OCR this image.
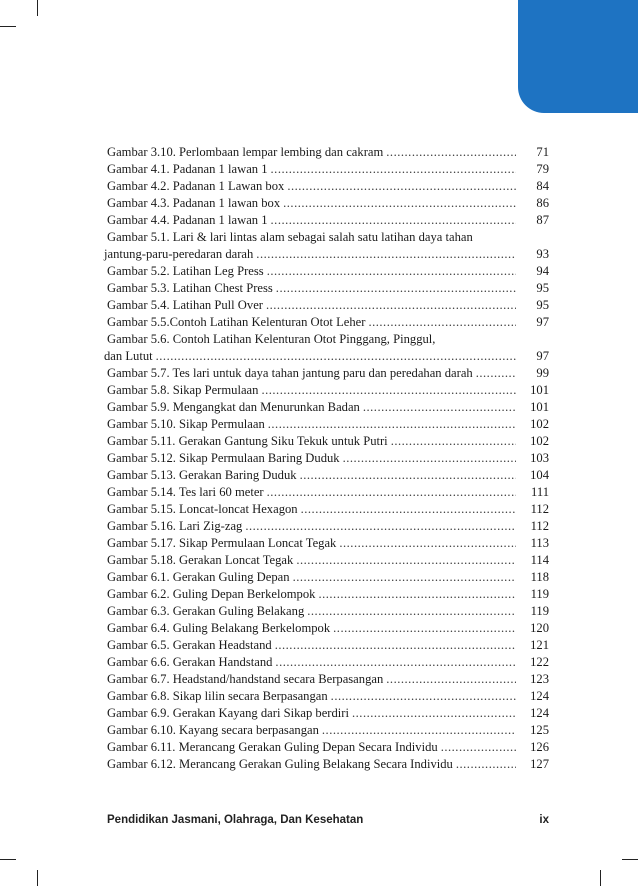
Gambar 3.10. Perlombaan lempar lembing dan cakram .....	71
Gambar 4.1. Padanan 1 lawan 1 .....	79
Gambar 4.2. Padanan 1 Lawan box .....	84
Gambar 4.3. Padanan 1 lawan box .....	86
Gambar 4.4. Padanan 1 lawan 1 .....	87
Gambar 5.1. Lari & lari lintas alam sebagai salah satu latihan daya tahan
jantung-paru-peredaran darah .....	93
Gambar 5.2. Latihan Leg Press .....	94
Gambar 5.3. Latihan Chest Press .....	95
Gambar 5.4. Latihan Pull Over .....	95
Gambar 5.5.Contoh Latihan Kelenturan Otot Leher .....	97
Gambar 5.6. Contoh Latihan Kelenturan Otot Pinggang, Pinggul,
dan Lutut .....	97
Gambar 5.7. Tes lari untuk daya tahan jantung paru dan peredahan darah .....	99
Gambar 5.8. Sikap Permulaan .....	101
Gambar 5.9. Mengangkat dan Menurunkan Badan .....	101
Gambar 5.10. Sikap Permulaan .....	102
Gambar 5.11. Gerakan Gantung Siku Tekuk untuk Putri .....	102
Gambar 5.12. Sikap Permulaan Baring Duduk .....	103
Gambar 5.13. Gerakan Baring Duduk .....	104
Gambar 5.14. Tes lari 60 meter .....	111
Gambar 5.15. Loncat-loncat Hexagon .....	112
Gambar 5.16. Lari Zig-zag .....	112
Gambar 5.17. Sikap Permulaan Loncat Tegak .....	113
Gambar 5.18. Gerakan Loncat Tegak .....	114
Gambar 6.1. Gerakan Guling Depan .....	118
Gambar 6.2. Guling Depan Berkelompok .....	119
Gambar 6.3. Gerakan Guling Belakang .....	119
Gambar 6.4. Guling Belakang Berkelompok .....	120
Gambar 6.5. Gerakan Headstand .....	121
Gambar 6.6. Gerakan Handstand .....	122
Gambar 6.7. Headstand/handstand secara Berpasangan .....	123
Gambar 6.8. Sikap lilin secara Berpasangan .....	124
Gambar 6.9. Gerakan Kayang dari Sikap berdiri .....	124
Gambar 6.10. Kayang secara berpasangan .....	125
Gambar 6.11. Merancang Gerakan Guling Depan Secara Individu .....	126
Gambar 6.12. Merancang Gerakan Guling Belakang Secara Individu .....	127
Pendidikan Jasmani, Olahraga, Dan Kesehatan	ix
